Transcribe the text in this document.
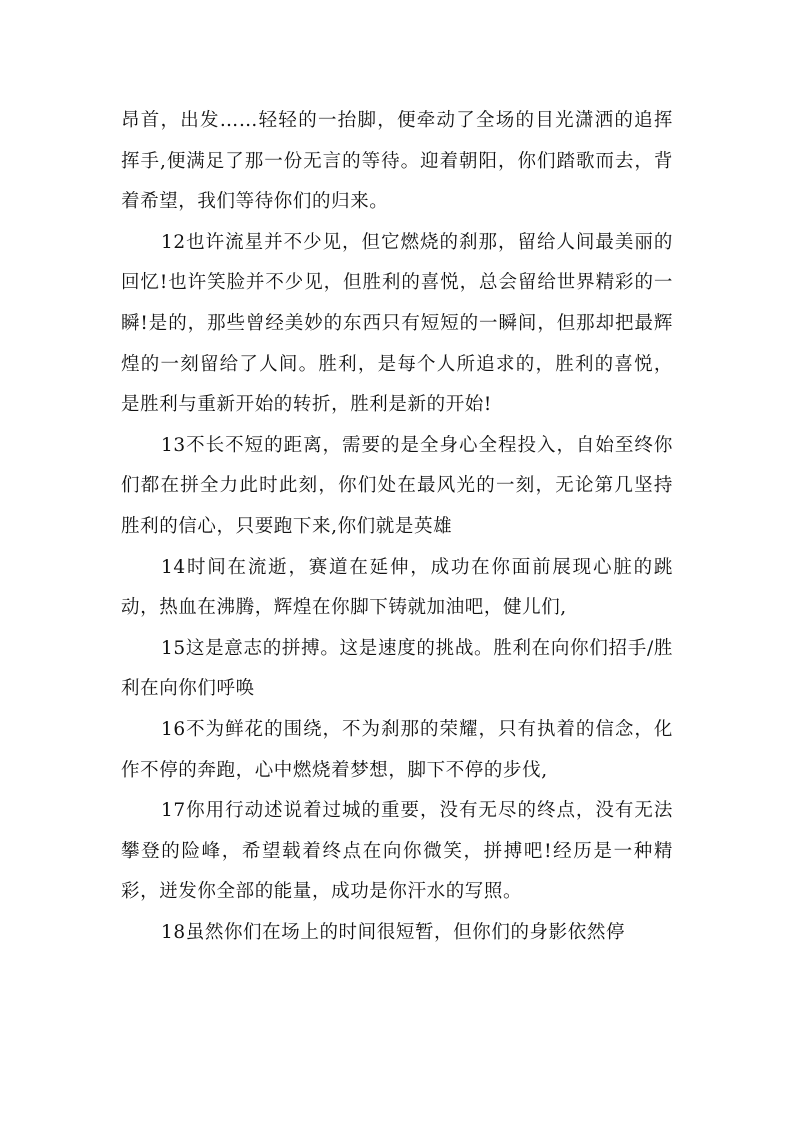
昂首，出发……轻轻的一抬脚，便牵动了全场的目光潇洒的追挥挥手,便满足了那一份无言的等待。迎着朝阳，你们踏歌而去，背着希望，我们等待你们的归来。

12也许流星并不少见，但它燃烧的刹那，留给人间最美丽的回忆!也许笑脸并不少见，但胜利的喜悦，总会留给世界精彩的一瞬!是的，那些曾经美妙的东西只有短短的一瞬间，但那却把最辉煌的一刻留给了人间。胜利，是每个人所追求的，胜利的喜悦，是胜利与重新开始的转折，胜利是新的开始!

13不长不短的距离，需要的是全身心全程投入，自始至终你们都在拼全力此时此刻，你们处在最风光的一刻，无论第几坚持胜利的信心，只要跑下来,你们就是英雄

14时间在流逝，赛道在延伸，成功在你面前展现心脏的跳动，热血在沸腾，辉煌在你脚下铸就加油吧，健儿们,

15这是意志的拼搏。这是速度的挑战。胜利在向你们招手/胜利在向你们呼唤

16不为鲜花的围绕，不为刹那的荣耀，只有执着的信念，化作不停的奔跑，心中燃烧着梦想，脚下不停的步伐,

17你用行动述说着过城的重要，没有无尽的终点，没有无法攀登的险峰，希望载着终点在向你微笑，拼搏吧!经历是一种精彩，迸发你全部的能量，成功是你汗水的写照。

18虽然你们在场上的时间很短暂，但你们的身影依然停
